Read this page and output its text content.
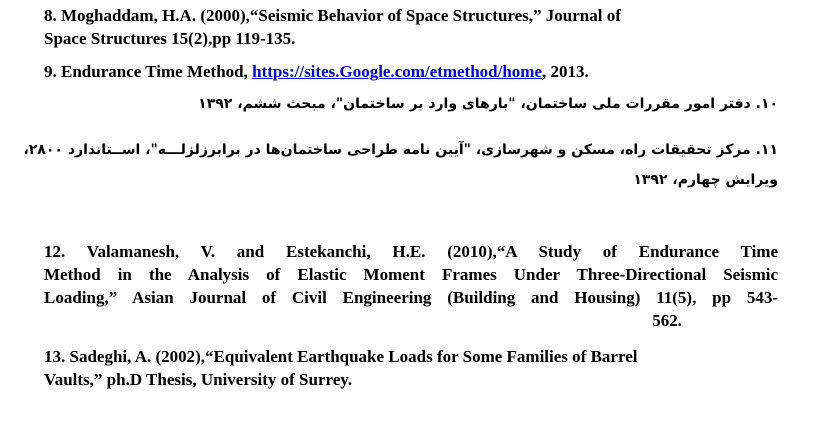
8. Moghaddam, H.A. (2000),“Seismic Behavior of Space Structures,” Journal of
Space Structures 15(2),pp 119-135.
9. Endurance Time Method, https://sites.Google.com/etmethod/home, 2013.
۱۰. دفتر امور مقررات ملی ساختمان، "بارهای وارد بر ساختمان"، مبحث ششم، ۱۳۹۲
۱۱. مرکز تحقیقات راه، مسکن و شهرسازی، "آیین نامه طراحی ساختمان‌ها در برابرزلزلـــه"، اســتاندارد ۲۸۰۰،
ویرایش چهارم، ۱۳۹۲
12. Valamanesh, V. and Estekanchi, H.E. (2010),“A Study of Endurance Time
Method in the Analysis of Elastic Moment Frames Under Three-Directional Seismic
Loading,” Asian Journal of Civil Engineering (Building and Housing) 11(5), pp 543-
562.
13. Sadeghi, A. (2002),“Equivalent Earthquake Loads for Some Families of Barrel
Vaults,” ph.D Thesis, University of Surrey.
